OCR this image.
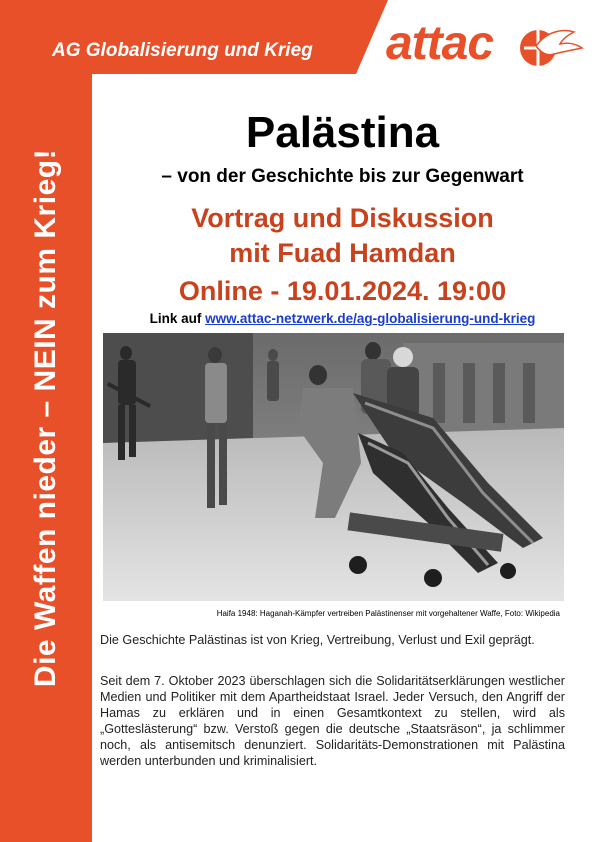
Die Waffen nieder – NEIN zum Krieg!
AG Globalisierung und Krieg attac
Palästina
– von der Geschichte bis zur Gegenwart
Vortrag und Diskussion
mit Fuad Hamdan
Online - 19.01.2024. 19:00
Link auf www.attac-netzwerk.de/ag-globalisierung-und-krieg
Haifa 1948: Haganah-Kämpfer vertreiben Palästinenser mit vorgehaltener Waffe, Foto: Wikipedia
Die Geschichte Palästinas ist von Krieg, Vertreibung, Verlust und Exil geprägt.
Seit dem 7. Oktober 2023 überschlagen sich die Solidaritätserklärungen westlicher Medien und Politiker mit dem Apartheidstaat Israel. Jeder Versuch, den Angriff der Hamas zu erklären und in einen Gesamtkontext zu stellen, wird als „Gotteslästerung“ bzw. Verstoß gegen die deutsche „Staatsräson“, ja schlimmer noch, als antisemitsch denunziert. Solidaritäts-Demonstrationen mit Palästina werden unterbunden und kriminalisiert.
